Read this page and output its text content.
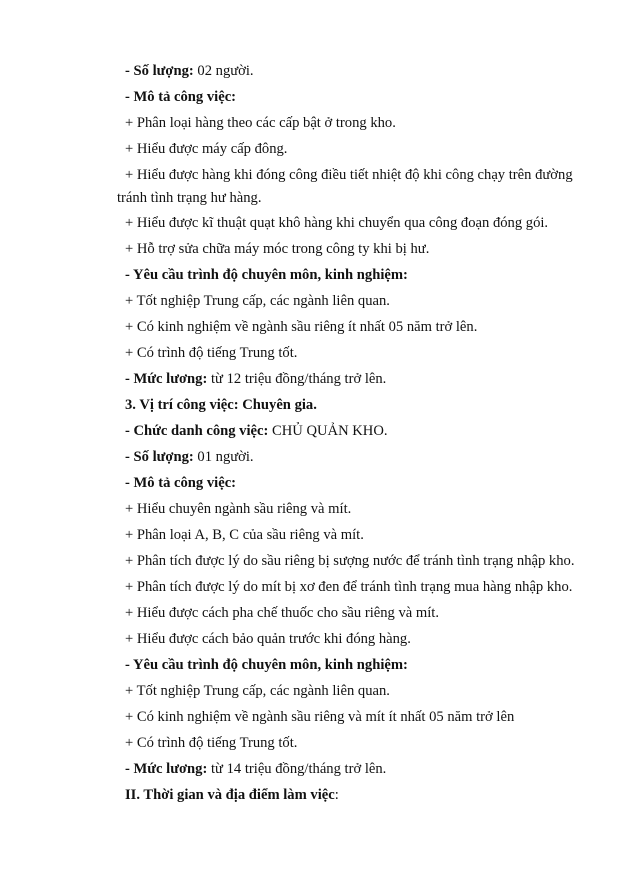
- Số lượng: 02 người.
- Mô tả công việc:
+ Phân loại hàng theo các cấp bật ở trong kho.
+ Hiểu được máy cấp đông.
+ Hiểu được hàng khi đóng công điều tiết nhiệt độ khi công chạy trên đường
tránh tình trạng hư hàng.
+ Hiểu được kĩ thuật quạt khô hàng khi chuyển qua công đoạn đóng gói.
+ Hỗ trợ sửa chữa máy móc trong công ty khi bị hư.
- Yêu cầu trình độ chuyên môn, kinh nghiệm:
+ Tốt nghiệp Trung cấp, các ngành liên quan.
+ Có kinh nghiệm về ngành sầu riêng ít nhất 05 năm trở lên.
+ Có trình độ tiếng Trung tốt.
- Mức lương: từ 12 triệu đồng/tháng trở lên.
3. Vị trí công việc: Chuyên gia.
- Chức danh công việc: CHỦ QUẢN KHO.
- Số lượng: 01 người.
- Mô tả công việc:
+ Hiểu chuyên ngành sầu riêng và mít.
+ Phân loại A, B, C của sầu riêng và mít.
+ Phân tích được lý do sầu riêng bị sượng nước để tránh tình trạng nhập kho.
+ Phân tích được lý do mít bị xơ đen để tránh tình trạng mua hàng nhập kho.
+ Hiểu được cách pha chế thuốc cho sầu riêng và mít.
+ Hiểu được cách bảo quản trước khi đóng hàng.
- Yêu cầu trình độ chuyên môn, kinh nghiệm:
+ Tốt nghiệp Trung cấp, các ngành liên quan.
+ Có kinh nghiệm về ngành sầu riêng và mít ít nhất 05 năm trở lên
+ Có trình độ tiếng Trung tốt.
- Mức lương: từ 14 triệu đồng/tháng trở lên.
II. Thời gian và địa điểm làm việc:
